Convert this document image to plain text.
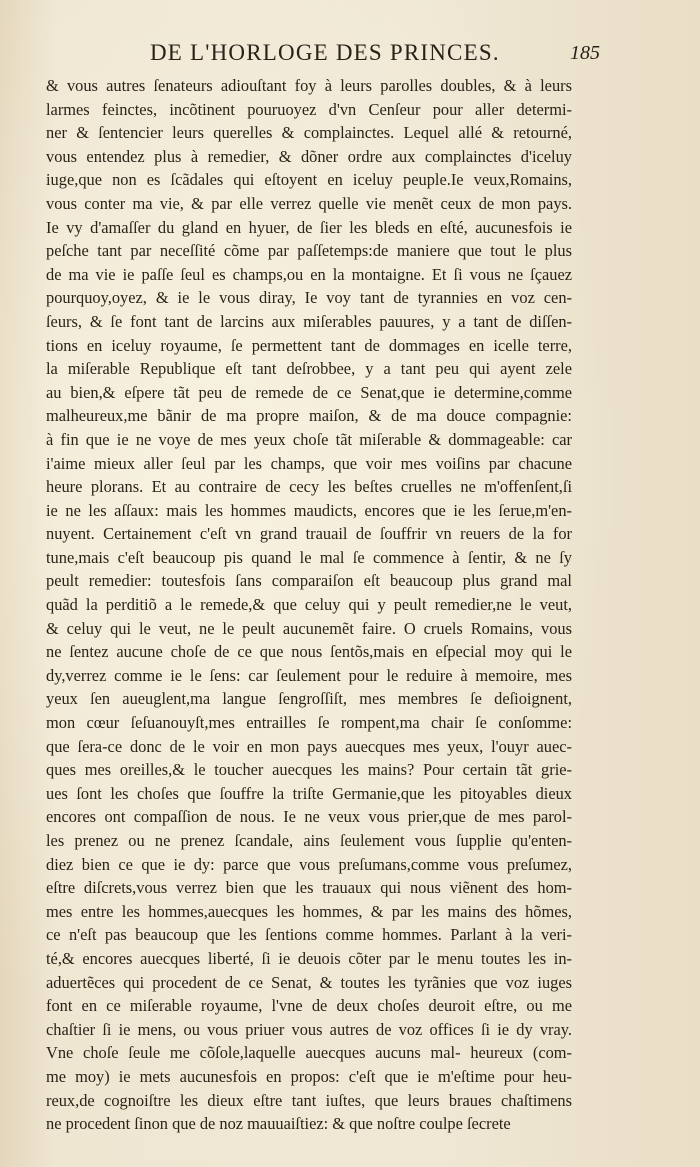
DE L'HORLOGE DES PRINCES.	185
& vous autres ſenateurs adiouſtant foy à leurs parolles doubles, & à leurs
larmes feinctes, incõtinent pouruoyez d'vn Cenſeur pour aller determi-
ner & ſentencier leurs querelles & complainctes. Lequel allé & retourné,
vous entendez plus à remedier, & dõner ordre aux complainctes d'iceluy
iuge,que non es ſcãdales qui eſtoyent en iceluy peuple.Ie veux,Romains,
vous conter ma vie, & par elle verrez quelle vie menẽt ceux de mon pays.
Ie vy d'amaſſer du gland en hyuer, de ſier les bleds en eſté, aucunesfois ie
peſche tant par neceſſité cõme par paſſetemps:de maniere que tout le plus
de ma vie ie paſſe ſeul es champs,ou en la montaigne. Et ſi vous ne ſçauez
pourquoy,oyez, & ie le vous diray, Ie voy tant de tyrannies en voz cen-
ſeurs, & ſe font tant de larcins aux miſerables pauures, y a tant de diſſen-
tions en iceluy royaume, ſe permettent tant de dommages en icelle terre,
la miſerable Republique eſt tant deſrobbee, y a tant peu qui ayent zele
au bien,& eſpere tãt peu de remede de ce Senat,que ie determine,comme
malheureux,me bãnir de ma propre maiſon, & de ma douce compagnie:
à fin que ie ne voye de mes yeux choſe tãt miſerable & dommageable: car
i'aime mieux aller ſeul par les champs, que voir mes voiſins par chacune
heure plorans. Et au contraire de cecy les beſtes cruelles ne m'offenſent,ſi
ie ne les aſſaux: mais les hommes maudicts, encores que ie les ſerue,m'en-
nuyent. Certainement c'eſt vn grand trauail de ſouffrir vn reuers de la for
tune,mais c'eſt beaucoup pis quand le mal ſe commence à ſentir, & ne ſy
peult remedier: toutesfois ſans comparaiſon eſt beaucoup plus grand mal
quãd la perditiõ a le remede,& que celuy qui y peult remedier,ne le veut,
& celuy qui le veut, ne le peult aucunemẽt faire. O cruels Romains, vous
ne ſentez aucune choſe de ce que nous ſentõs,mais en eſpecial moy qui le
dy,verrez comme ie le ſens: car ſeulement pour le reduire à memoire, mes
yeux ſen aueuglent,ma langue ſengroſſiſt, mes membres ſe deſioignent,
mon cœur ſeſuanouyſt,mes entrailles ſe rompent,ma chair ſe conſomme:
que ſera-ce donc de le voir en mon pays auecques mes yeux, l'ouyr auec-
ques mes oreilles,& le toucher auecques les mains? Pour certain tãt grie-
ues ſont les choſes que ſouffre la triſte Germanie,que les pitoyables dieux
encores ont compaſſion de nous. Ie ne veux vous prier,que de mes parol-
les prenez ou ne prenez ſcandale, ains ſeulement vous ſupplie qu'enten-
diez bien ce que ie dy: parce que vous preſumans,comme vous preſumez,
eſtre diſcrets,vous verrez bien que les trauaux qui nous viẽnent des hom-
mes entre les hommes,auecques les hommes, & par les mains des hõmes,
ce n'eſt pas beaucoup que les ſentions comme hommes. Parlant à la veri-
té,& encores auecques liberté, ſi ie deuois cõter par le menu toutes les in-
aduertẽces qui procedent de ce Senat, & toutes les tyrãnies que voz iuges
font en ce miſerable royaume, l'vne de deux choſes deuroit eſtre, ou me
chaſtier ſi ie mens, ou vous priuer vous autres de voz offices ſi ie dy vray.
Vne choſe ſeule me cõſole,laquelle auecques aucuns mal- heureux (com-
me moy) ie mets aucunesfois en propos: c'eſt que ie m'eſtime pour heu-
reux,de cognoiſtre les dieux eſtre tant iuſtes, que leurs braues chaſtimens
ne procedent ſinon que de noz mauuaiſtiez: & que noſtre coulpe ſecrete
